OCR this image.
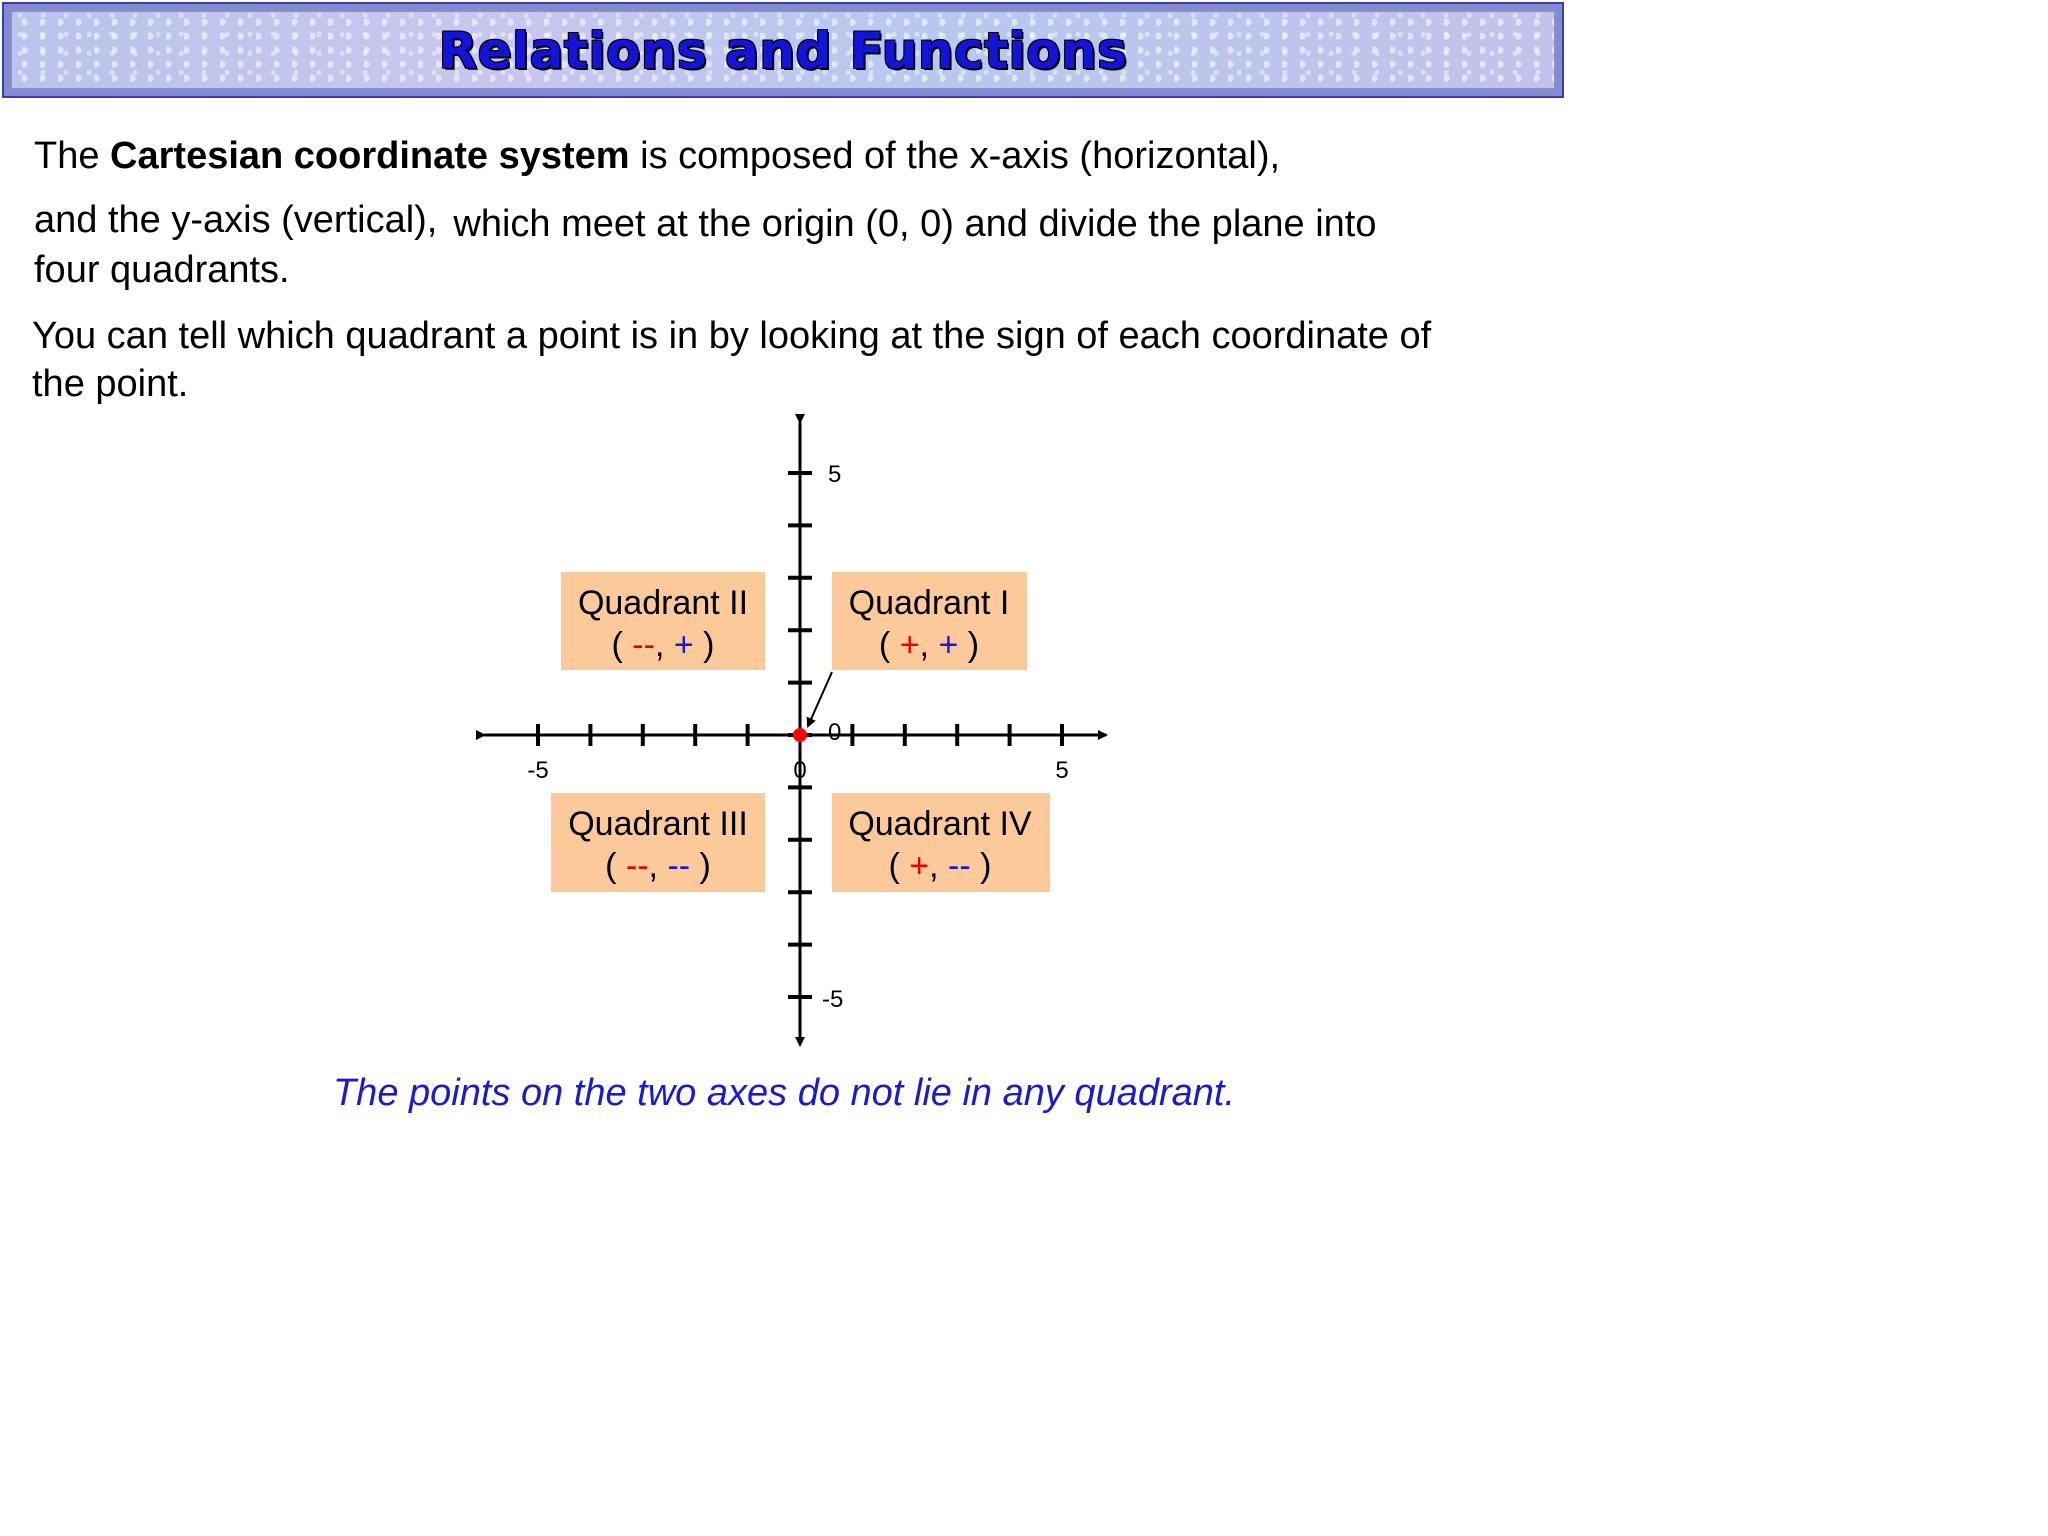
Relations and Functions
The Cartesian coordinate system is composed of the x-axis (horizontal),
and the y-axis (vertical), which meet at the origin (0, 0) and divide the plane into
four quadrants.
You can tell which quadrant a point is in by looking at the sign of each coordinate of
the point.
-5	0	5
5
0
-5
Quadrant II
( --, + )
Quadrant I
( +, + )
Quadrant III
( --, -- )
Quadrant IV
( +, -- )
The points on the two axes do not lie in any quadrant.
